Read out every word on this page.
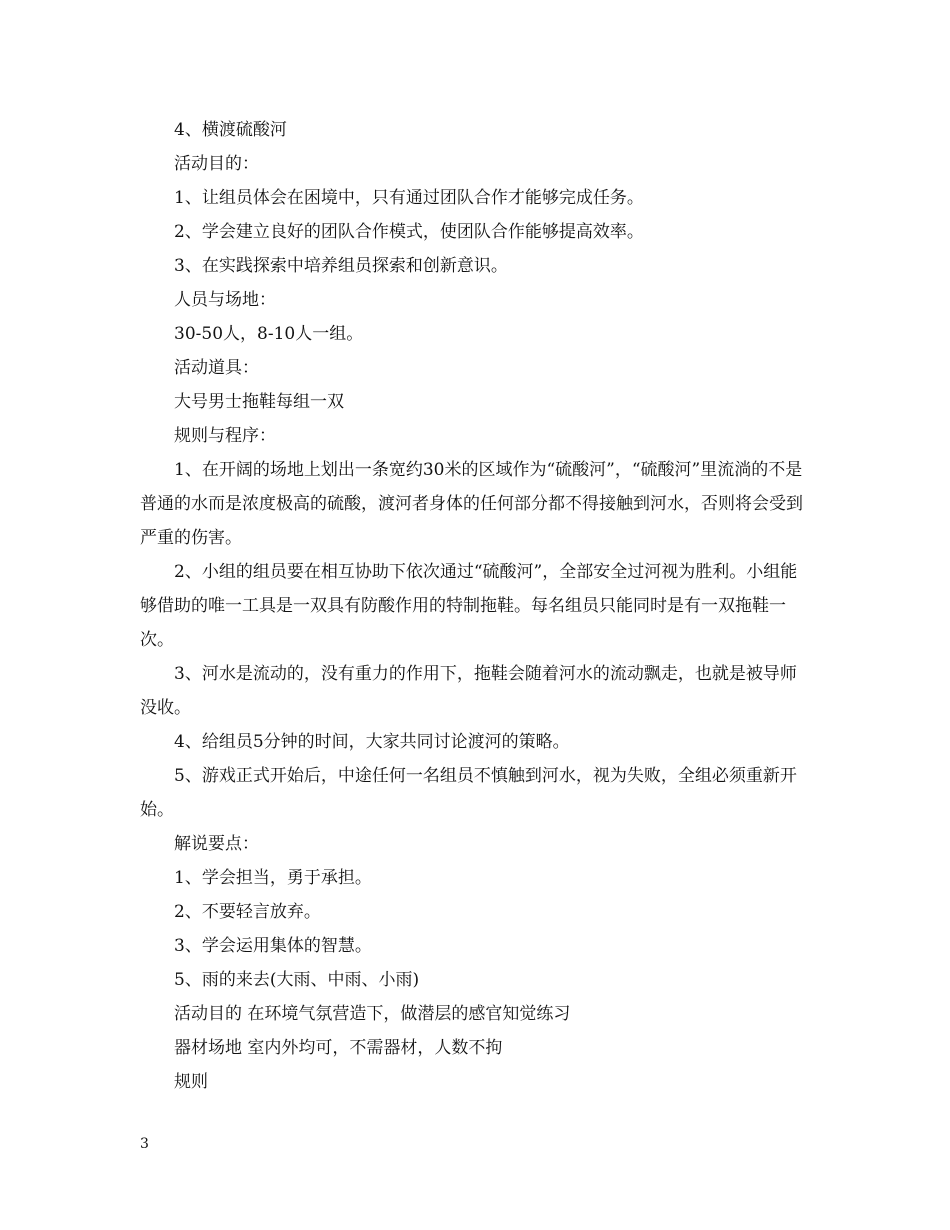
4、横渡硫酸河

活动目的：

1、让组员体会在困境中，只有通过团队合作才能够完成任务。

2、学会建立良好的团队合作模式，使团队合作能够提高效率。

3、在实践探索中培养组员探索和创新意识。

人员与场地：

30-50人，8-10人一组。

活动道具：

大号男士拖鞋每组一双

规则与程序：

1、在开阔的场地上划出一条宽约30米的区域作为“硫酸河”，“硫酸河”里流淌的不是普通的水而是浓度极高的硫酸，渡河者身体的任何部分都不得接触到河水，否则将会受到严重的伤害。

2、小组的组员要在相互协助下依次通过“硫酸河”，全部安全过河视为胜利。小组能够借助的唯一工具是一双具有防酸作用的特制拖鞋。每名组员只能同时是有一双拖鞋一次。

3、河水是流动的，没有重力的作用下，拖鞋会随着河水的流动飘走，也就是被导师没收。

4、给组员5分钟的时间，大家共同讨论渡河的策略。

5、游戏正式开始后，中途任何一名组员不慎触到河水，视为失败，全组必须重新开始。

解说要点：

1、学会担当，勇于承担。

2、不要轻言放弃。

3、学会运用集体的智慧。

5、雨的来去(大雨、中雨、小雨)

活动目的 在环境气氛营造下，做潜层的感官知觉练习

器材场地 室内外均可，不需器材，人数不拘

规则

3
